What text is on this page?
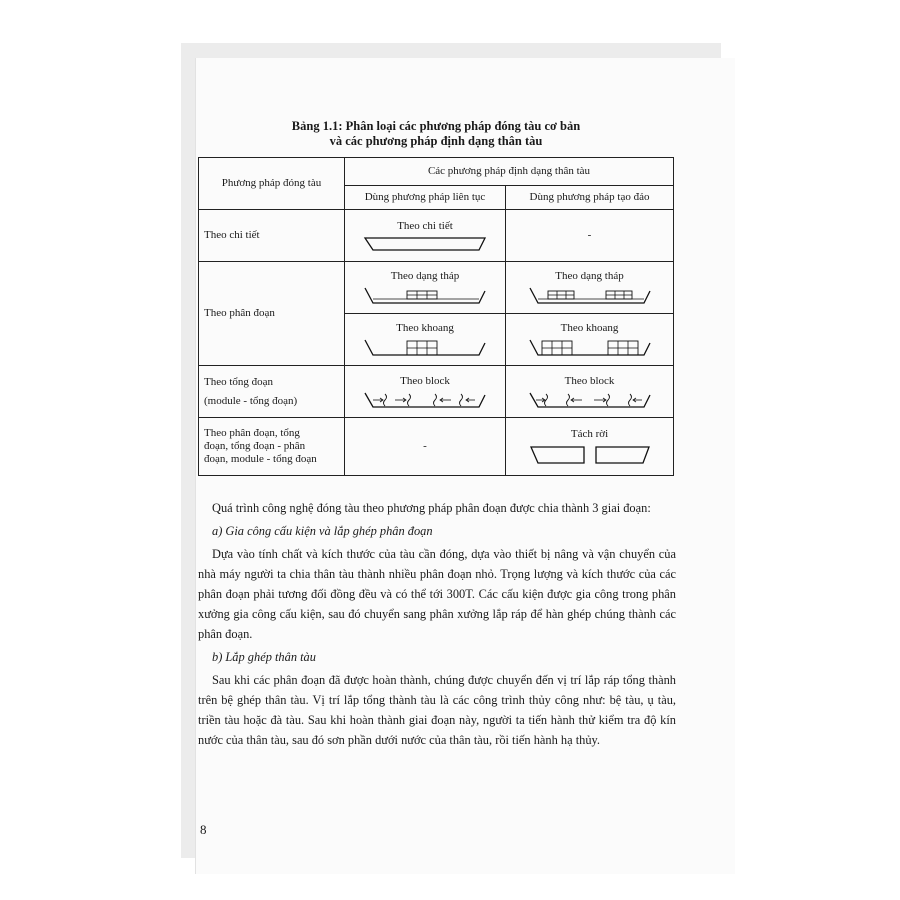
Bảng 1.1: Phân loại các phương pháp đóng tàu cơ bản
và các phương pháp định dạng thân tàu
Phương pháp đóng tàu	Các phương pháp định dạng thân tàu	
	Dùng phương pháp liên tục	Dùng phương pháp tạo đảo
Theo chi tiết	Theo chi tiết	-
Theo phân đoạn	Theo dạng tháp	Theo dạng tháp

	Theo khoang	Theo khoang

Theo tổng đoạn
(module - tổng đoạn)	Theo block	Theo block

Theo phân đoạn, tổng
đoạn, tổng đoạn - phân
đoạn, module - tổng đoạn	-	Tách rời

Quá trình công nghệ đóng tàu theo phương pháp phân đoạn được chia thành 3 giai đoạn:

a) Gia công cấu kiện và lắp ghép phân đoạn

Dựa vào tính chất và kích thước của tàu cần đóng, dựa vào thiết bị nâng và vận chuyển của nhà máy người ta chia thân tàu thành nhiều phân đoạn nhỏ. Trọng lượng và kích thước của các phân đoạn phải tương đối đồng đều và có thể tới 300T. Các cấu kiện được gia công trong phân xưởng gia công cấu kiện, sau đó chuyển sang phân xưởng lắp ráp để hàn ghép chúng thành các phân đoạn.

b) Lắp ghép thân tàu

Sau khi các phân đoạn đã được hoàn thành, chúng được chuyển đến vị trí lắp ráp tổng thành trên bệ ghép thân tàu. Vị trí lắp tổng thành tàu là các công trình thủy công như: bệ tàu, ụ tàu, triền tàu hoặc đà tàu. Sau khi hoàn thành giai đoạn này, người ta tiến hành thử kiểm tra độ kín nước của thân tàu, sau đó sơn phần dưới nước của thân tàu, rồi tiến hành hạ thủy.

8
